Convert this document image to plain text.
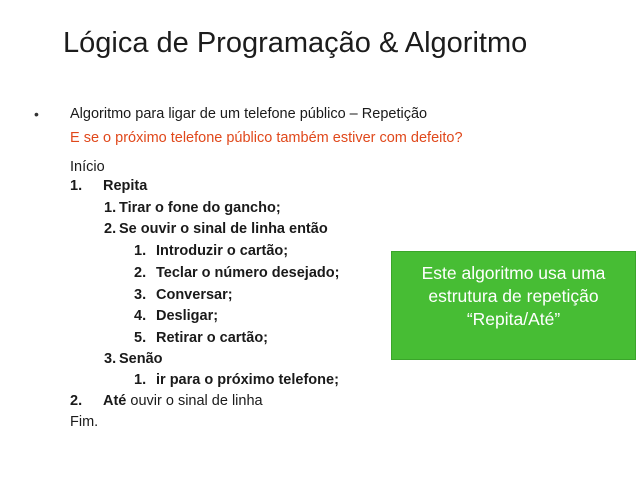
Lógica de Programação & Algoritmo
• Algoritmo para ligar de um telefone público – Repetição
E se o próximo telefone público também estiver com defeito?
Início
1. Repita
1. Tirar o fone do gancho;
2. Se ouvir o sinal de linha então
1. Introduzir o cartão;
2. Teclar o número desejado;
3. Conversar;
4. Desligar;
5. Retirar o cartão;
3. Senão
1. ir para o próximo telefone;
2. Até ouvir o sinal de linha
Fim.
Este algoritmo usa uma
estrutura de repetição
“Repita/Até”
